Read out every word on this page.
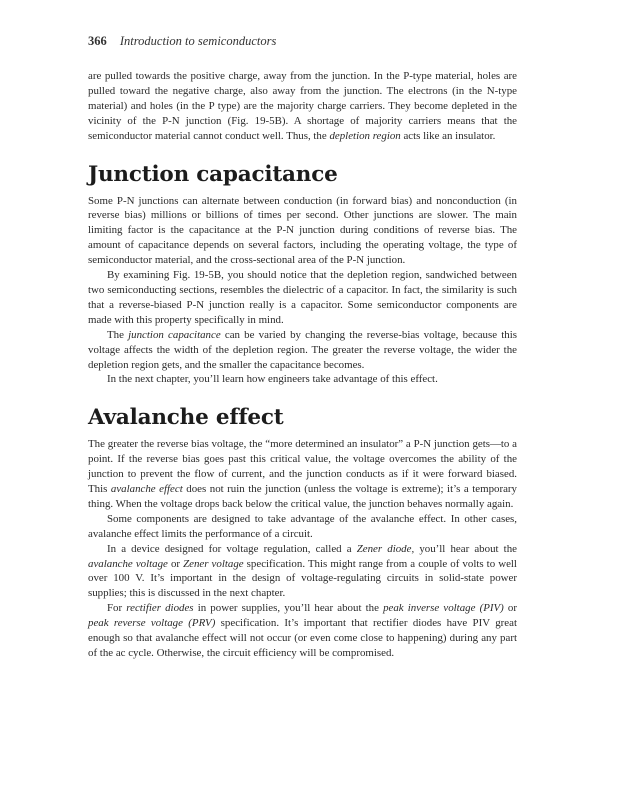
366 Introduction to semiconductors

are pulled towards the positive charge, away from the junction. In the P-type material, holes are pulled toward the negative charge, also away from the junction. The electrons (in the N-type material) and holes (in the P type) are the majority charge carriers. They become depleted in the vicinity of the P-N junction (Fig. 19-5B). A shortage of majority carriers means that the semiconductor material cannot conduct well. Thus, the depletion region acts like an insulator.

Junction capacitance

Some P-N junctions can alternate between conduction (in forward bias) and nonconduction (in reverse bias) millions or billions of times per second. Other junctions are slower. The main limiting factor is the capacitance at the P-N junction during conditions of reverse bias. The amount of capacitance depends on several factors, including the operating voltage, the type of semiconductor material, and the cross-sectional area of the P-N junction.

By examining Fig. 19-5B, you should notice that the depletion region, sandwiched between two semiconducting sections, resembles the dielectric of a capacitor. In fact, the similarity is such that a reverse-biased P-N junction really is a capacitor. Some semiconductor components are made with this property specifically in mind.

The junction capacitance can be varied by changing the reverse-bias voltage, because this voltage affects the width of the depletion region. The greater the reverse voltage, the wider the depletion region gets, and the smaller the capacitance becomes.

In the next chapter, you’ll learn how engineers take advantage of this effect.

Avalanche effect

The greater the reverse bias voltage, the “more determined an insulator” a P-N junction gets—to a point. If the reverse bias goes past this critical value, the voltage overcomes the ability of the junction to prevent the flow of current, and the junction conducts as if it were forward biased. This avalanche effect does not ruin the junction (unless the voltage is extreme); it’s a temporary thing. When the voltage drops back below the critical value, the junction behaves normally again.

Some components are designed to take advantage of the avalanche effect. In other cases, avalanche effect limits the performance of a circuit.

In a device designed for voltage regulation, called a Zener diode, you’ll hear about the avalanche voltage or Zener voltage specification. This might range from a couple of volts to well over 100 V. It’s important in the design of voltage-regulating circuits in solid-state power supplies; this is discussed in the next chapter.

For rectifier diodes in power supplies, you’ll hear about the peak inverse voltage (PIV) or peak reverse voltage (PRV) specification. It’s important that rectifier diodes have PIV great enough so that avalanche effect will not occur (or even come close to happening) during any part of the ac cycle. Otherwise, the circuit efficiency will be compromised.
